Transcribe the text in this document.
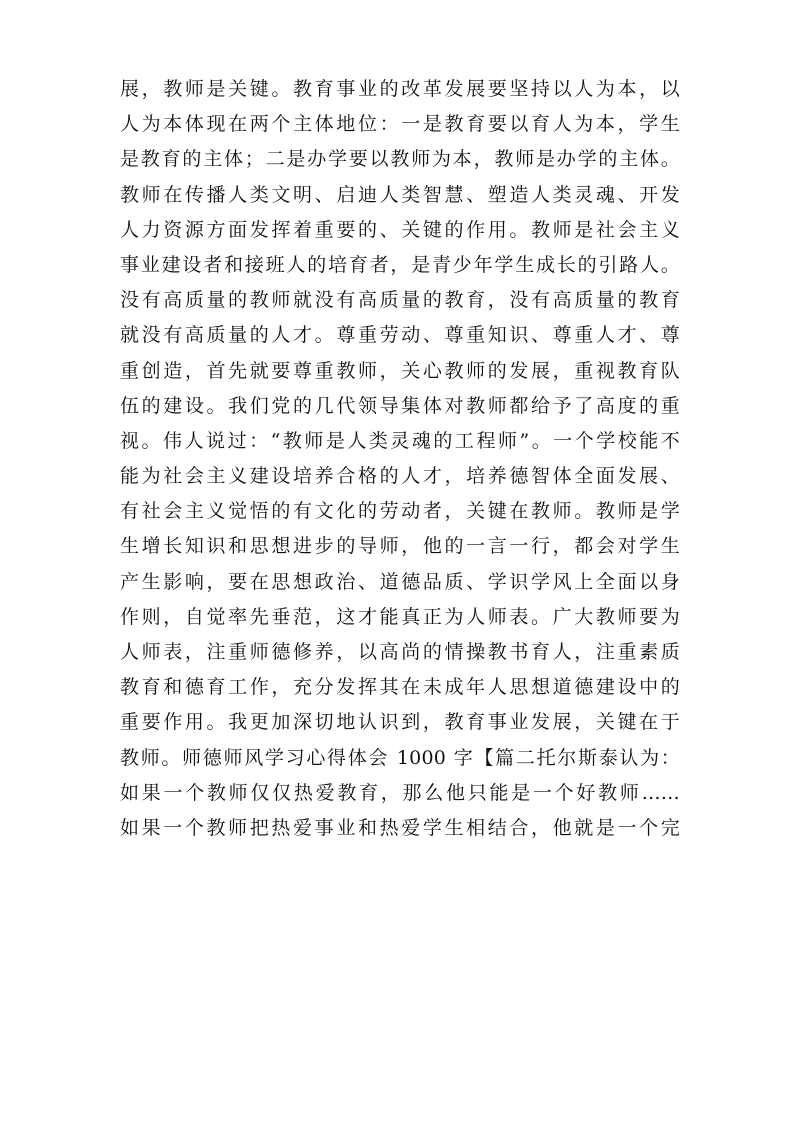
展，教师是关键。教育事业的改革发展要坚持以人为本，以
人为本体现在两个主体地位：一是教育要以育人为本，学生
是教育的主体；二是办学要以教师为本，教师是办学的主体。
教师在传播人类文明、启迪人类智慧、塑造人类灵魂、开发
人力资源方面发挥着重要的、关键的作用。教师是社会主义
事业建设者和接班人的培育者，是青少年学生成长的引路人。
没有高质量的教师就没有高质量的教育，没有高质量的教育
就没有高质量的人才。尊重劳动、尊重知识、尊重人才、尊
重创造，首先就要尊重教师，关心教师的发展，重视教育队
伍的建设。我们党的几代领导集体对教师都给予了高度的重
视。伟人说过：“教师是人类灵魂的工程师”。一个学校能不
能为社会主义建设培养合格的人才，培养德智体全面发展、
有社会主义觉悟的有文化的劳动者，关键在教师。教师是学
生增长知识和思想进步的导师，他的一言一行，都会对学生
产生影响，要在思想政治、道德品质、学识学风上全面以身
作则，自觉率先垂范，这才能真正为人师表。广大教师要为
人师表，注重师德修养，以高尚的情操教书育人，注重素质
教育和德育工作，充分发挥其在未成年人思想道德建设中的
重要作用。我更加深切地认识到，教育事业发展，关键在于
教师。师德师风学习心得体会 1000 字【篇二托尔斯泰认为：
如果一个教师仅仅热爱教育，那么他只能是一个好教师……
如果一个教师把热爱事业和热爱学生相结合，他就是一个完
